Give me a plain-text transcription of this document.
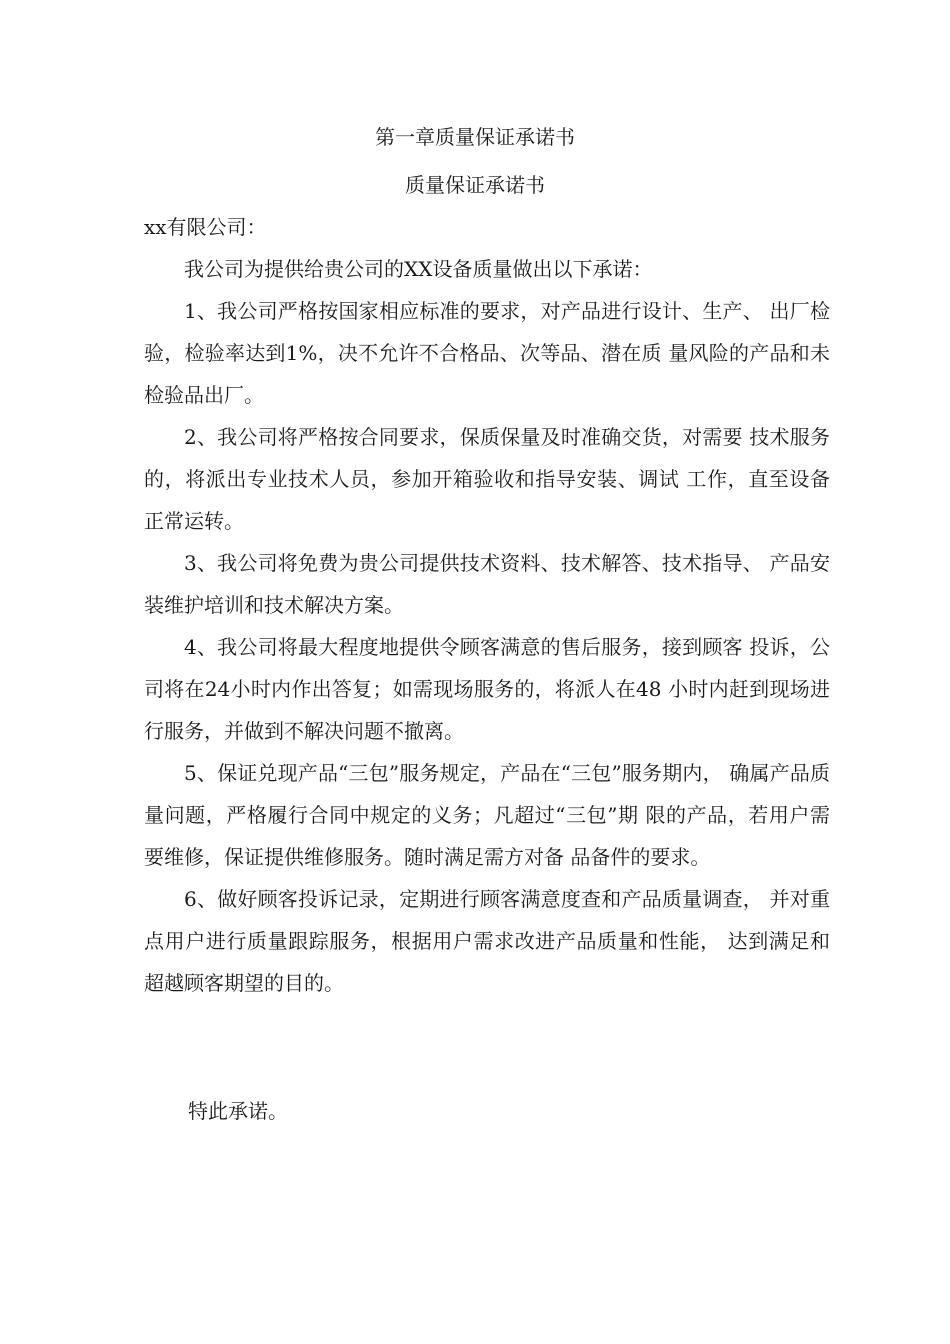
第一章质量保证承诺书
质量保证承诺书

xx有限公司：

我公司为提供给贵公司的XX设备质量做出以下承诺：

1、我公司严格按国家相应标准的要求，对产品进行设计、生产、 出厂检验，检验率达到1%，决不允许不合格品、次等品、潜在质 量风险的产品和未检验品出厂。

2、我公司将严格按合同要求，保质保量及时准确交货，对需要 技术服务的，将派出专业技术人员，参加开箱验收和指导安装、调试 工作，直至设备正常运转。

3、我公司将免费为贵公司提供技术资料、技术解答、技术指导、 产品安装维护培训和技术解决方案。

4、我公司将最大程度地提供令顾客满意的售后服务，接到顾客 投诉，公司将在24小时内作出答复；如需现场服务的，将派人在48 小时内赶到现场进行服务，并做到不解决问题不撤离。

5、保证兑现产品“三包”服务规定，产品在“三包”服务期内， 确属产品质量问题，严格履行合同中规定的义务；凡超过“三包”期 限的产品，若用户需要维修，保证提供维修服务。随时满足需方对备 品备件的要求。

6、做好顾客投诉记录，定期进行顾客满意度查和产品质量调查， 并对重点用户进行质量跟踪服务，根据用户需求改进产品质量和性能， 达到满足和超越顾客期望的目的。

特此承诺。
